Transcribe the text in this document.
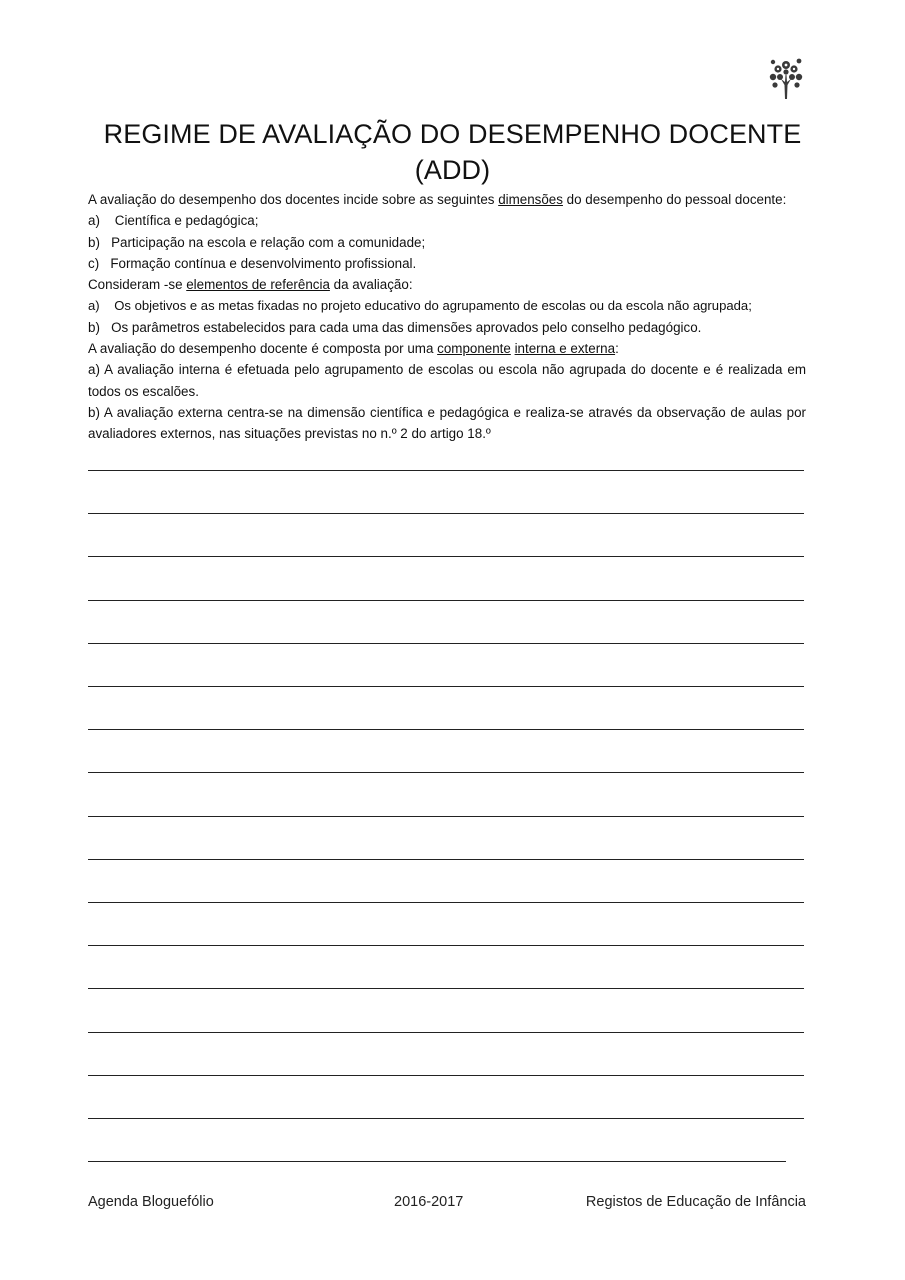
REGIME DE AVALIAÇÃO DO DESEMPENHO DOCENTE
(ADD)

A avaliação do desempenho dos docentes incide sobre as seguintes dimensões do desempenho do pessoal docente:

a)    Científica e pedagógica;

b)   Participação na escola e relação com a comunidade;

c)   Formação contínua e desenvolvimento profissional.

Consideram -se elementos de referência da avaliação:

a)    Os objetivos e as metas fixadas no projeto educativo do agrupamento de escolas ou da escola não agrupada;

b)   Os parâmetros estabelecidos para cada uma das dimensões aprovados pelo conselho pedagógico.

A avaliação do desempenho docente é composta por uma componente interna e externa:

a) A avaliação interna é efetuada pelo agrupamento de escolas ou escola não agrupada do docente e é realizada em todos os escalões.

b) A avaliação externa centra-se na dimensão científica e pedagógica e realiza-se através da observação de aulas por avaliadores externos, nas situações previstas no n.º 2 do artigo 18.º

Agenda Bloguefólio	2016-2017	Registos de Educação de Infância
